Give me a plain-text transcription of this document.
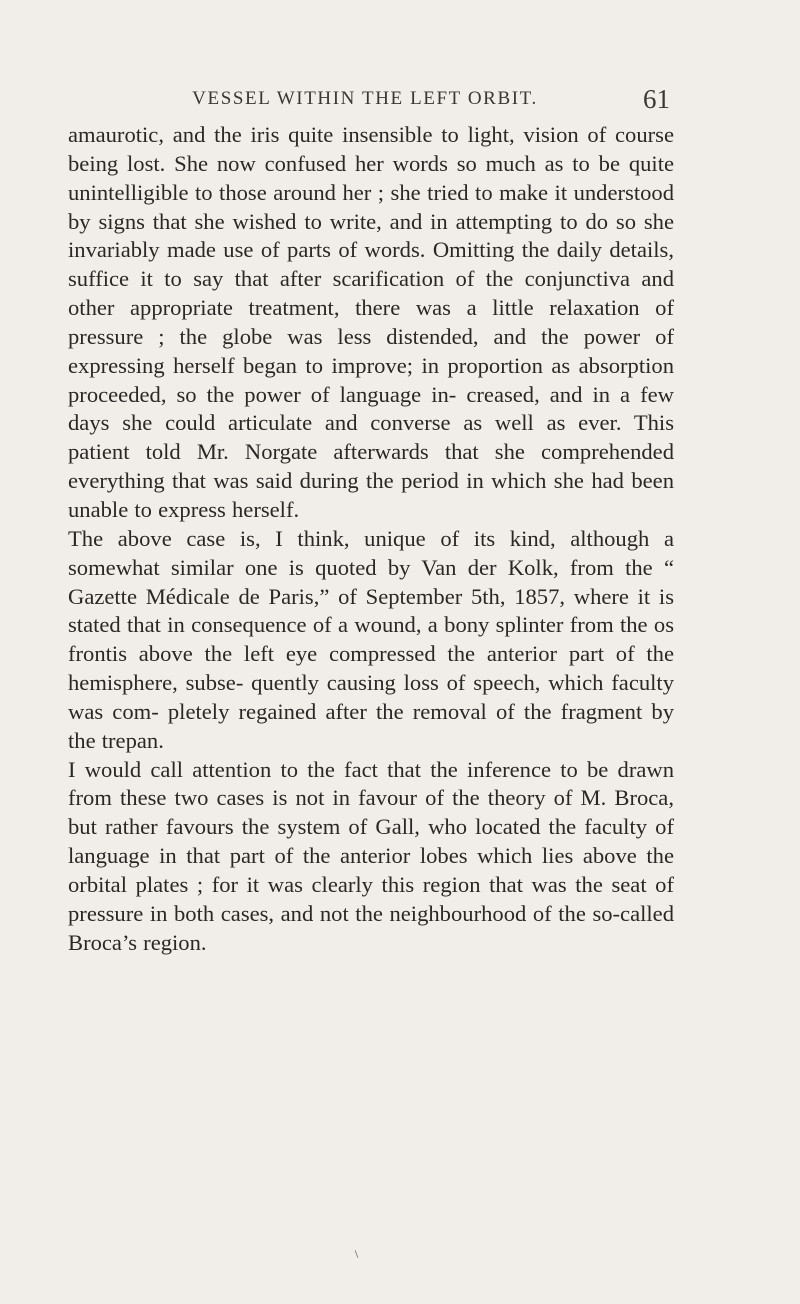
VESSEL WITHIN THE LEFT ORBIT.	61

amaurotic, and the iris quite insensible to light, vision of course being lost. She now confused her words so much as to be quite unintelligible to those around her ; she tried to make it understood by signs that she wished to write, and in attempting to do so she invariably made use of parts of words. Omitting the daily details, suffice it to say that after scarification of the conjunctiva and other appropriate treatment, there was a little relaxation of pressure ; the globe was less distended, and the power of expressing herself began to improve; in proportion as absorption proceeded, so the power of language in- creased, and in a few days she could articulate and converse as well as ever. This patient told Mr. Norgate afterwards that she comprehended everything that was said during the period in which she had been unable to express herself.

The above case is, I think, unique of its kind, although a somewhat similar one is quoted by Van der Kolk, from the “ Gazette Médicale de Paris,” of September 5th, 1857, where it is stated that in consequence of a wound, a bony splinter from the os frontis above the left eye compressed the anterior part of the hemisphere, subse- quently causing loss of speech, which faculty was com- pletely regained after the removal of the fragment by the trepan.

I would call attention to the fact that the inference to be drawn from these two cases is not in favour of the theory of M. Broca, but rather favours the system of Gall, who located the faculty of language in that part of the anterior lobes which lies above the orbital plates ; for it was clearly this region that was the seat of pressure in both cases, and not the neighbourhood of the so-called Broca’s region.
